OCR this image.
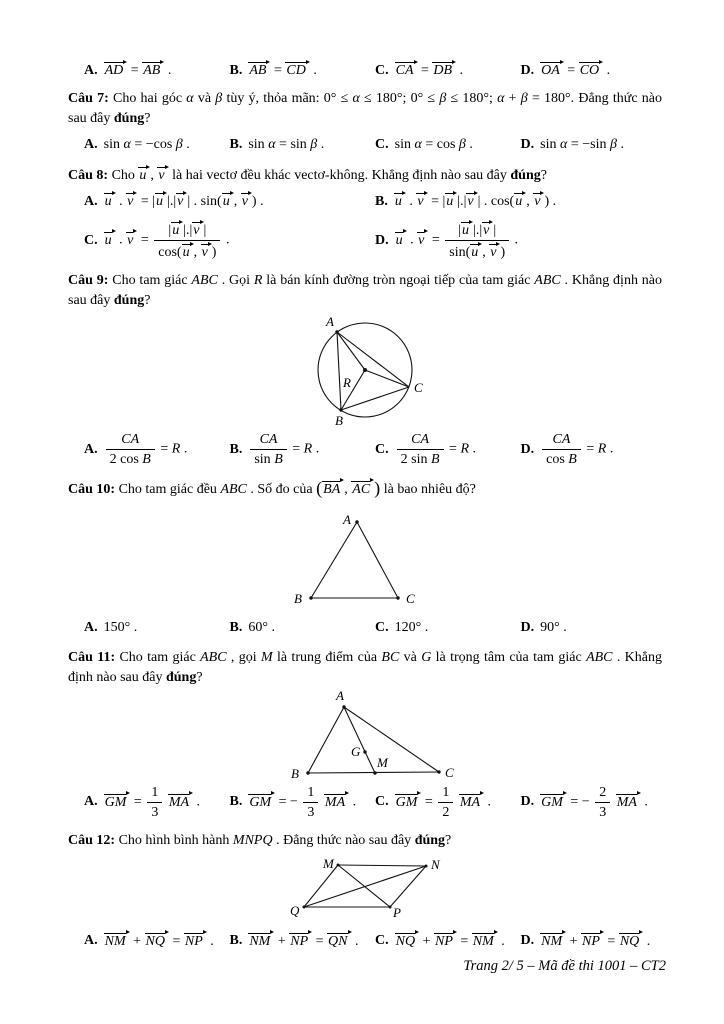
A. AD = AB .	B. AB = CD .	C. CA = DB .	D. OA = CO .
Câu 7: Cho hai góc α và β tùy ý, thỏa mãn: 0° ≤ α ≤ 180°; 0° ≤ β ≤ 180°; α + β = 180°. Đẳng thức nào sau đây đúng?
A. sin α = −cos β .	B. sin α = sin β .	C. sin α = cos β .	D. sin α = −sin β .
Câu 8: Cho u , v là hai vectơ đều khác vectơ-không. Khẳng định nào sau đây đúng?
A. u . v = |u |.|v | . sin(u , v ) .	B. u . v = |u |.|v | . cos(u , v ) .
C. u . $v = \frac{|u |.|v |}{\cos(u , v )}$ .	D. u . $v = \frac{|u |.|v |}{\sin(u , v )}$ .
Câu 9: Cho tam giác ABC . Gọi R là bán kính đường tròn ngoại tiếp của tam giác ABC . Khẳng định nào sau đây đúng?
A
B
C
R
A. $\frac{CA}{\text{2 cos B}} = R$ .	B. $\frac{CA}{\text{sin B}} = R$ .	C. $\frac{CA}{\text{2 sin B}} = R$ .	D. $\frac{CA}{\text{cos B}} = R$ .
Câu 10: Cho tam giác đều ABC . Số đo của (BA , AC ) là bao nhiêu độ?
A
B	C
A. 150° .	B. 60° .	C. 120° .	D. 90° .
Câu 11: Cho tam giác ABC , gọi M là trung điểm của BC và G là trọng tâm của tam giác ABC . Khẳng định nào sau đây đúng?
A
B	C
G
M
A. GM = $\frac{1}{3}$ MA . B. GM = − $\frac{1}{3}$ MA . C. GM = $\frac{1}{2}$ MA . D. GM = − $\frac{2}{3}$ MA .
Câu 12: Cho hình bình hành MNPQ . Đẳng thức nào sau đây đúng?
M	N
P
Q
A. NM + NQ = NP . B. NM + NP = QN . C. NQ + NP = NM . D. NM + NP = NQ .
Trang 2/ 5 – Mã đề thi 1001 – CT2
